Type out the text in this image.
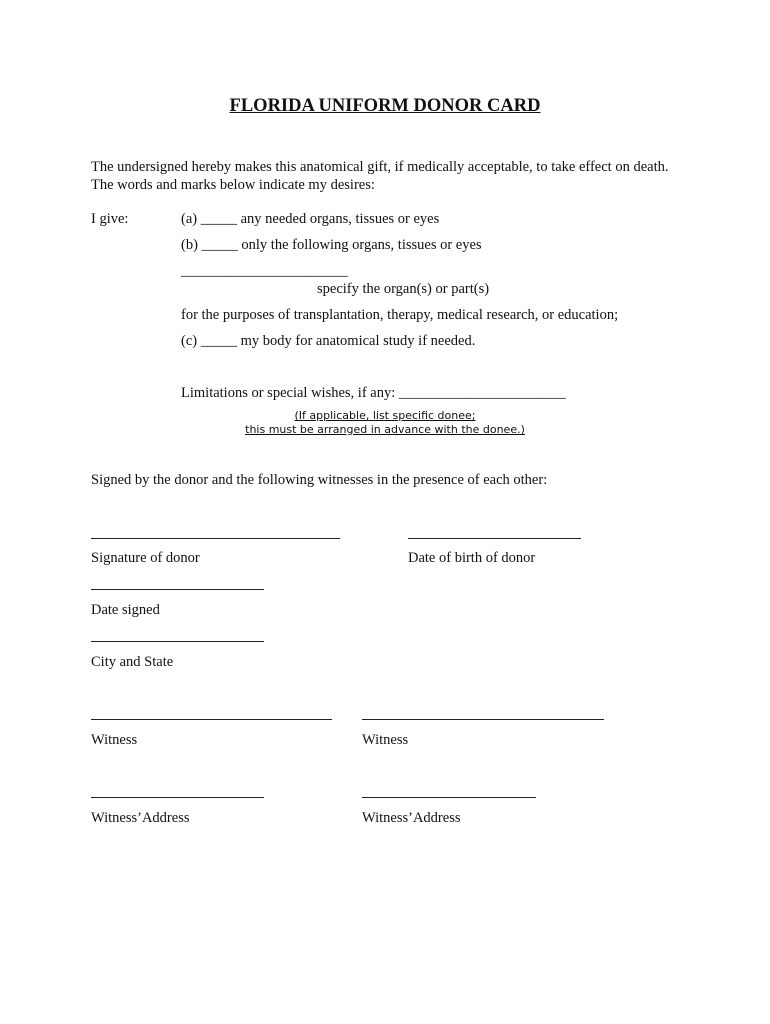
FLORIDA UNIFORM DONOR CARD
The undersigned hereby makes this anatomical gift, if medically acceptable, to take effect on death. The words and marks below indicate my desires:
I give:	(a) _____ any needed organs, tissues or eyes
(b) _____ only the following organs, tissues or eyes
_______________________
specify the organ(s) or part(s)
for the purposes of transplantation, therapy, medical research, or education;
(c) _____ my body for anatomical study if needed.
Limitations or special wishes, if any: _______________________
(If applicable, list specific donee;
this must be arranged in advance with the donee.)
Signed by the donor and the following witnesses in the presence of each other:
Signature of donor	Date of birth of donor
Date signed
City and State
Witness	Witness
Witness’Address	Witness’Address
